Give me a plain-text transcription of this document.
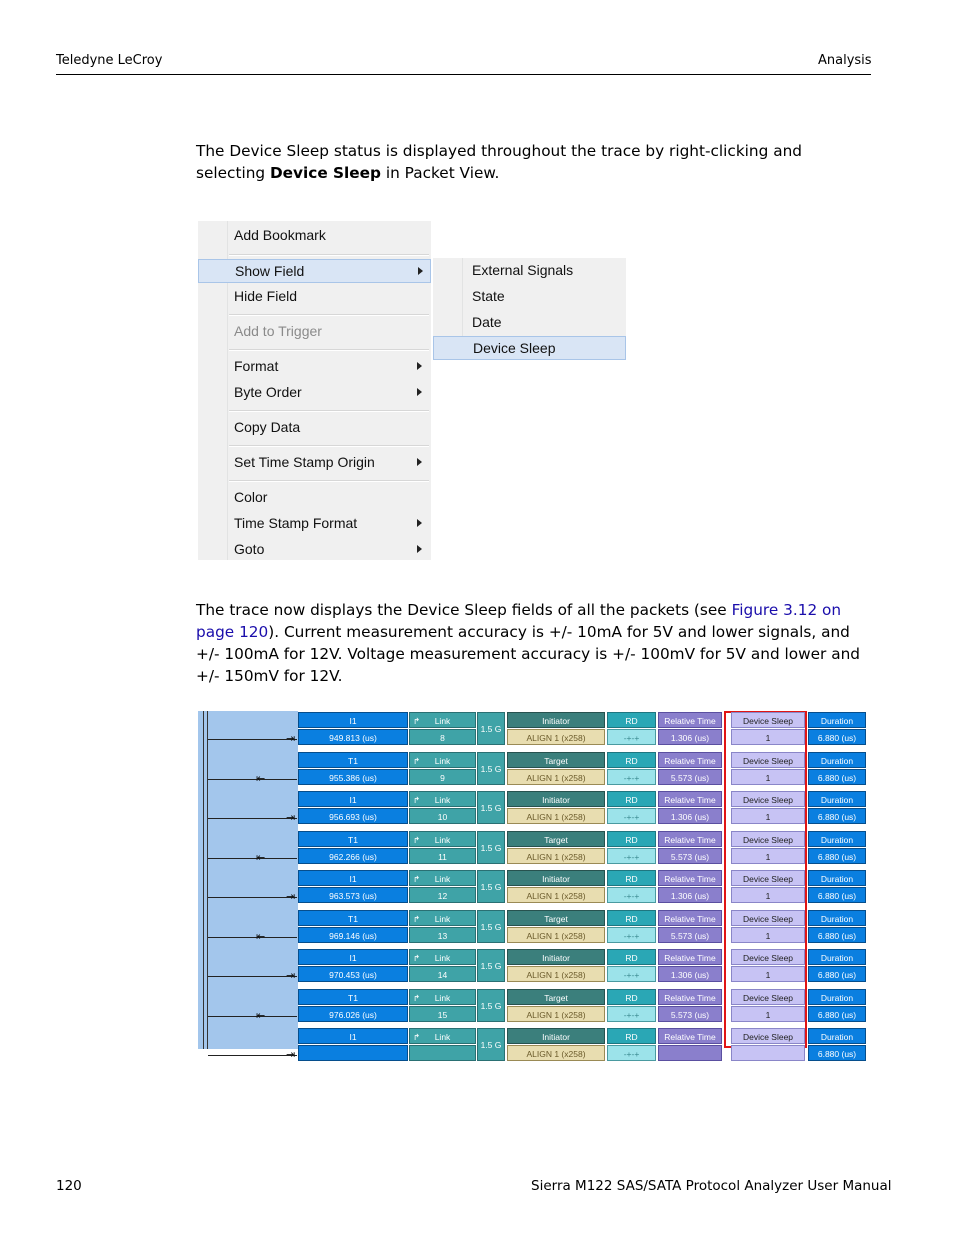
Teledyne LeCroy	Analysis

The Device Sleep status is displayed throughout the trace by right-clicking and selecting Device Sleep in Packet View.

Add Bookmark
Show Field
Hide Field
Add to Trigger
Format
Byte Order
Copy Data
Set Time Stamp Origin
Color
Time Stamp Format
Goto
External Signals
State
Date
Device Sleep

The trace now displays the Device Sleep fields of all the packets (see Figure 3.12 on page 120). Current measurement accuracy is +/- 10mA for 5V and lower signals, and +/- 100mA for 12V. Voltage measurement accuracy is +/- 100mV for 5V and lower and +/- 150mV for 12V.

⇥
I1
949.813 (us)
↱ Link
8
1.5 G
Initiator
ALIGN 1 (x258)
RD
-+-+
Relative Time
1.306 (us)
Device Sleep
1
Duration
6.880 (us)
⇤
T1
955.386 (us)
↱ Link
9
1.5 G
Target
ALIGN 1 (x258)
RD
-+-+
Relative Time
5.573 (us)
Device Sleep
1
Duration
6.880 (us)
⇥
I1
956.693 (us)
↱ Link
10
1.5 G
Initiator
ALIGN 1 (x258)
RD
-+-+
Relative Time
1.306 (us)
Device Sleep
1
Duration
6.880 (us)
⇤
T1
962.266 (us)
↱ Link
11
1.5 G
Target
ALIGN 1 (x258)
RD
-+-+
Relative Time
5.573 (us)
Device Sleep
1
Duration
6.880 (us)
⇥
I1
963.573 (us)
↱ Link
12
1.5 G
Initiator
ALIGN 1 (x258)
RD
-+-+
Relative Time
1.306 (us)
Device Sleep
1
Duration
6.880 (us)
⇤
T1
969.146 (us)
↱ Link
13
1.5 G
Target
ALIGN 1 (x258)
RD
-+-+
Relative Time
5.573 (us)
Device Sleep
1
Duration
6.880 (us)
⇥
I1
970.453 (us)
↱ Link
14
1.5 G
Initiator
ALIGN 1 (x258)
RD
-+-+
Relative Time
1.306 (us)
Device Sleep
1
Duration
6.880 (us)
⇤
T1
976.026 (us)
↱ Link
15
1.5 G
Target
ALIGN 1 (x258)
RD
-+-+
Relative Time
5.573 (us)
Device Sleep
1
Duration
6.880 (us)
⇥
I1	↱ Link
1.5 G
Initiator
ALIGN 1 (x258)
RD
-+-+
Relative Time	Device Sleep	Duration
6.880 (us)
120	Sierra M122 SAS/SATA Protocol Analyzer User Manual
